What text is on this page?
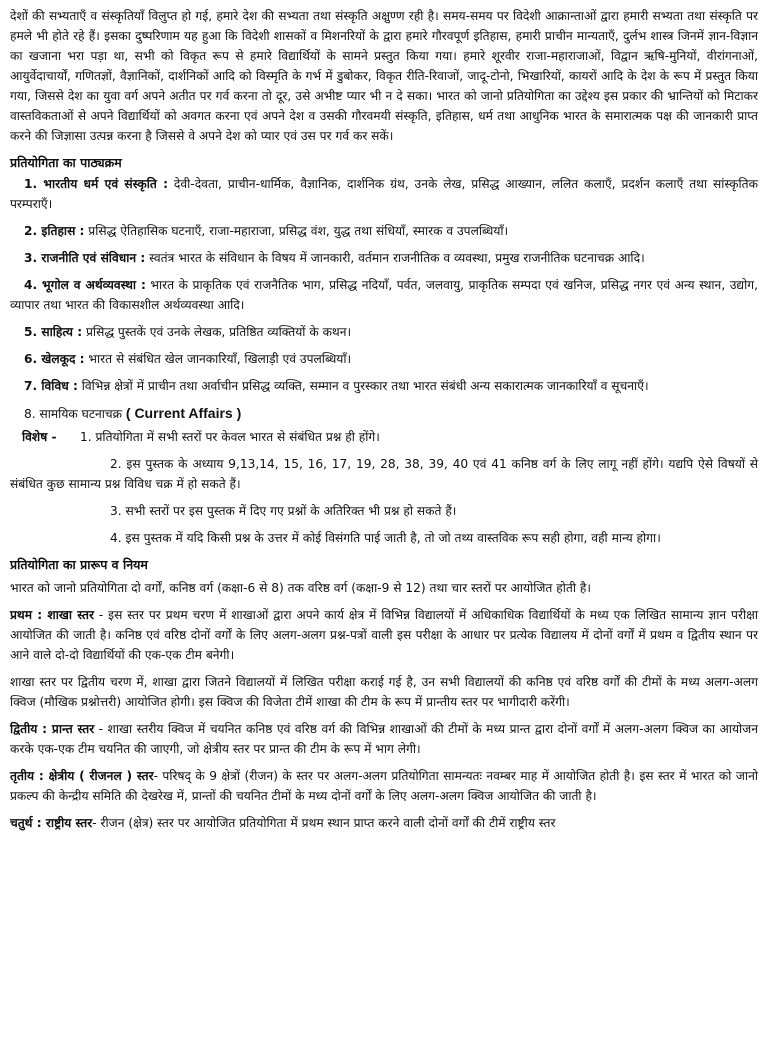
देशों की सभ्यताएँ व संस्कृतियाँ विलुप्त हो गई, हमारे देश की सभ्यता तथा संस्कृति अक्षुण्ण रही है। समय-समय पर विदेशी आक्रान्ताओं द्वारा हमारी सभ्यता तथा संस्कृति पर हमले भी होते रहे हैं। इसका दुष्परिणाम यह हुआ कि विदेशी शासकों व मिशनरियों के द्वारा हमारे गौरवपूर्ण इतिहास, हमारी प्राचीन मान्यताएँ, दुर्लभ शास्त्र जिनमें ज्ञान-विज्ञान का खजाना भरा पड़ा था, सभी को विकृत रूप से हमारे विद्यार्थियों के सामने प्रस्तुत किया गया। हमारे शूरवीर राजा-महाराजाओं, विद्वान ऋषि-मुनियों, वीरांगनाओं, आयुर्वेदाचार्यों, गणितज्ञों, वैज्ञानिकों, दार्शनिकों आदि को विस्मृति के गर्भ में डुबोकर, विकृत रीति-रिवाजों, जादू-टोनो, भिखारियों, कायरों आदि के देश के रूप में प्रस्तुत किया गया, जिससे देश का युवा वर्ग अपने अतीत पर गर्व करना तो दूर, उसे अभीष्ट प्यार भी न दे सका। भारत को जानो प्रतियोगिता का उद्देश्य इस प्रकार की भ्रान्तियों को मिटाकर वास्तविकताओं से अपने विद्यार्थियों को अवगत करना एवं अपने देश व उसकी गौरवमयी संस्कृति, इतिहास, धर्म तथा आधुनिक भारत के समारात्मक पक्ष की जानकारी प्राप्त करने की जिज्ञासा उत्पन्न करना है जिससे वे अपने देश को प्यार एवं उस पर गर्व कर सकें।

प्रतियोगिता का पाठ्यक्रम

1. भारतीय धर्म एवं संस्कृति : देवी-देवता, प्राचीन-धार्मिक, वैज्ञानिक, दार्शनिक ग्रंथ, उनके लेख, प्रसिद्ध आख्यान, ललित कलाएँ, प्रदर्शन कलाएँ तथा सांस्कृतिक परम्पराएँ।

2. इतिहास : प्रसिद्ध ऐतिहासिक घटनाएँ, राजा-महाराजा, प्रसिद्ध वंश, युद्ध तथा संधियाँ, स्मारक व उपलब्धियाँ।

3. राजनीति एवं संविधान : स्वतंत्र भारत के संविधान के विषय में जानकारी, वर्तमान राजनीतिक व व्यवस्था, प्रमुख राजनीतिक घटनाचक्र आदि।

4. भूगोल व अर्थव्यवस्था : भारत के प्राकृतिक एवं राजनैतिक भाग, प्रसिद्ध नदियाँ, पर्वत, जलवायु, प्राकृतिक सम्पदा एवं खनिज, प्रसिद्ध नगर एवं अन्य स्थान, उद्योग, व्यापार तथा भारत की विकासशील अर्थव्यवस्था आदि।

5. साहित्य : प्रसिद्ध पुस्तकें एवं उनके लेखक, प्रतिष्ठित व्यक्तियों के कथन।

6. खेलकूद : भारत से संबंधित खेल जानकारियाँ, खिलाड़ी एवं उपलब्धियाँ।

7. विविध : विभिन्न क्षेत्रों में प्राचीन तथा अर्वाचीन प्रसिद्ध व्यक्ति, सम्मान व पुरस्कार तथा भारत संबंधी अन्य सकारात्मक जानकारियाँ व सूचनाएँ।

8. सामयिक घटनाचक्र ( Current Affairs )

विशेष -	1. प्रतियोगिता में सभी स्तरों पर केवल भारत से संबंधित प्रश्न ही होंगे।

2. इस पुस्तक के अध्याय 9,13,14, 15, 16, 17, 19, 28, 38, 39, 40 एवं 41 कनिष्ठ वर्ग के लिए लागू नहीं होंगे। यद्यपि ऐसे विषयों से संबंधित कुछ सामान्य प्रश्न विविध चक्र में हो सकते हैं।

3. सभी स्तरों पर इस पुस्तक में दिए गए प्रश्नों के अतिरिक्त भी प्रश्न हो सकते हैं।

4. इस पुस्तक में यदि किसी प्रश्न के उत्तर में कोई विसंगति पाई जाती है, तो जो तथ्य वास्तविक रूप सही होगा, वही मान्य होगा।

प्रतियोगिता का प्रारूप व नियम

भारत को जानो प्रतियोगिता दो वर्गों, कनिष्ठ वर्ग (कक्षा-6 से 8) तक वरिष्ठ वर्ग (कक्षा-9 से 12) तथा चार स्तरों पर आयोजित होती है।

प्रथम : शाखा स्तर - इस स्तर पर प्रथम चरण में शाखाओं द्वारा अपने कार्य क्षेत्र में विभिन्न विद्यालयों में अधिकाधिक विद्यार्थियों के मध्य एक लिखित सामान्य ज्ञान परीक्षा आयोजित की जाती है। कनिष्ठ एवं वरिष्ठ दोनों वर्गों के लिए अलग-अलग प्रश्न-पत्रों वाली इस परीक्षा के आधार पर प्रत्येक विद्यालय में दोनों वर्गों में प्रथम व द्वितीय स्थान पर आने वाले दो-दो विद्यार्थियों की एक-एक टीम बनेगी।

शाखा स्तर पर द्वितीय चरण में, शाखा द्वारा जितने विद्यालयों में लिखित परीक्षा कराई गई है, उन सभी विद्यालयों की कनिष्ठ एवं वरिष्ठ वर्गों की टीमों के मध्य अलग-अलग क्विज (मौखिक प्रश्नोत्तरी) आयोजित होगी। इस क्विज की विजेता टीमें शाखा की टीम के रूप में प्रान्तीय स्तर पर भागीदारी करेंगी।

द्वितीय : प्रान्त स्तर - शाखा स्तरीय क्विज में चयनित कनिष्ठ एवं वरिष्ठ वर्ग की विभिन्न शाखाओं की टीमों के मध्य प्रान्त द्वारा दोनों वर्गों में अलग-अलग क्विज का आयोजन करके एक-एक टीम चयनित की जाएगी, जो क्षेत्रीय स्तर पर प्रान्त की टीम के रूप में भाग लेगी।

तृतीय : क्षेत्रीय ( रीजनल ) स्तर- परिषद् के 9 क्षेत्रों (रीजन) के स्तर पर अलग-अलग प्रतियोगिता सामन्यतः नवम्बर माह में आयोजित होती है। इस स्तर में भारत को जानो प्रकल्प की केन्द्रीय समिति की देखरेख में, प्रान्तों की चयनित टीमों के मध्य दोनों वर्गों के लिए अलग-अलग क्विज आयोजित की जाती है।

चतुर्थ : राष्ट्रीय स्तर- रीजन (क्षेत्र) स्तर पर आयोजित प्रतियोगिता में प्रथम स्थान प्राप्त करने वाली दोनों वर्गों की टीमें राष्ट्रीय स्तर
